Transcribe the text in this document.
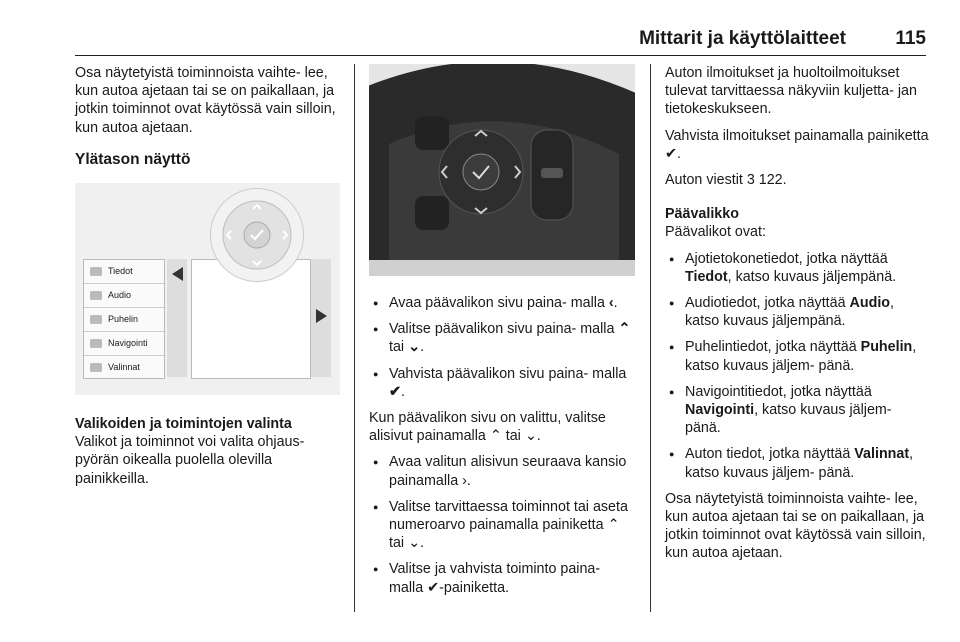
Mittarit ja käyttölaitteet	115

Osa näytetyistä toiminnoista vaihte- lee, kun autoa ajetaan tai se on paikallaan, ja jotkin toiminnot ovat käytössä vain silloin, kun autoa ajetaan.

Ylätason näyttö
Tiedot
Audio
Puhelin
Navigointi
Valinnat
Valikoiden ja toimintojen valinta

Valikot ja toiminnot voi valita ohjaus- pyörän oikealla puolella olevilla painikkeilla.

● Avaa päävalikon sivu paina- malla ‹.
● Valitse päävalikon sivu paina- malla ⌃ tai ⌄.
● Vahvista päävalikon sivu paina- malla ✔.

Kun päävalikon sivu on valittu, valitse alisivut painamalla ⌃ tai ⌄.

● Avaa valitun alisivun seuraava kansio painamalla ›.
● Valitse tarvittaessa toiminnot tai aseta numeroarvo painamalla painiketta ⌃ tai ⌄.
● Valitse ja vahvista toiminto paina- malla ✔-painiketta.

Auton ilmoitukset ja huoltoilmoitukset tulevat tarvittaessa näkyviin kuljetta- jan tietokeskukseen.

Vahvista ilmoitukset painamalla painiketta ✔.

Auton viestit 3 122.

Päävalikko

Päävalikot ovat:

● Ajotietokonetiedot, jotka näyttää Tiedot, katso kuvaus jäljempänä.
● Audiotiedot, jotka näyttää Audio, katso kuvaus jäljempänä.
● Puhelintiedot, jotka näyttää Puhelin, katso kuvaus jäljem- pänä.
● Navigointitiedot, jotka näyttää Navigointi, katso kuvaus jäljem- pänä.
● Auton tiedot, jotka näyttää Valinnat, katso kuvaus jäljem- pänä.

Osa näytetyistä toiminnoista vaihte- lee, kun autoa ajetaan tai se on paikallaan, ja jotkin toiminnot ovat käytössä vain silloin, kun autoa ajetaan.
